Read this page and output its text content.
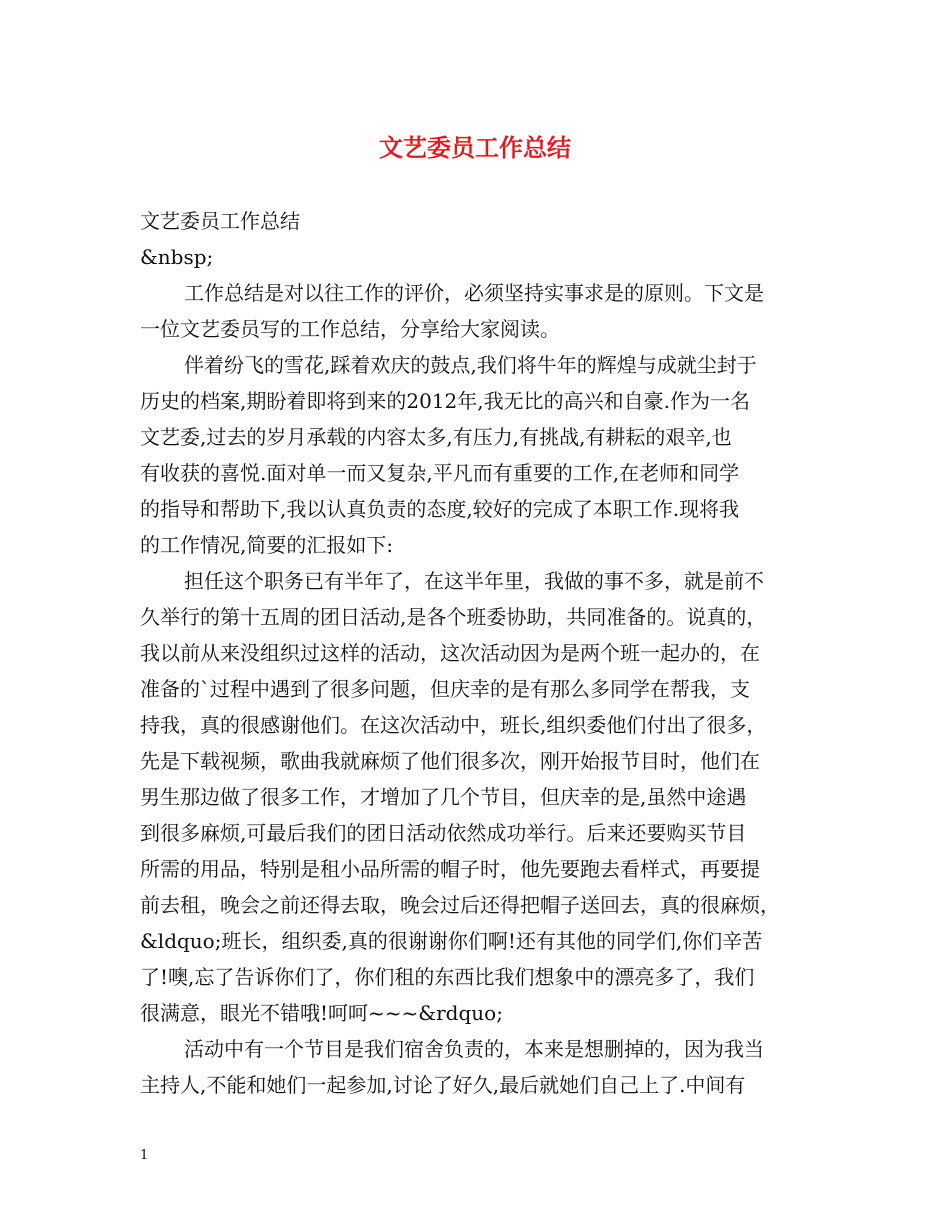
文艺委员工作总结

文艺委员工作总结

&nbsp;

工作总结是对以往工作的评价，必须坚持实事求是的原则。下文是

一位文艺委员写的工作总结，分享给大家阅读。

伴着纷飞的雪花,踩着欢庆的鼓点,我们将牛年的辉煌与成就尘封于

历史的档案,期盼着即将到来的2012年,我无比的高兴和自豪.作为一名

文艺委,过去的岁月承载的内容太多,有压力,有挑战,有耕耘的艰辛,也

有收获的喜悦.面对单一而又复杂,平凡而有重要的工作,在老师和同学

的指导和帮助下,我以认真负责的态度,较好的完成了本职工作.现将我

的工作情况,简要的汇报如下:

担任这个职务已有半年了，在这半年里，我做的事不多，就是前不

久举行的第十五周的团日活动,是各个班委协助，共同准备的。说真的，

我以前从来没组织过这样的活动，这次活动因为是两个班一起办的，在

准备的`过程中遇到了很多问题，但庆幸的是有那么多同学在帮我，支

持我，真的很感谢他们。在这次活动中，班长,组织委他们付出了很多，

先是下载视频，歌曲我就麻烦了他们很多次，刚开始报节目时，他们在

男生那边做了很多工作，才增加了几个节目，但庆幸的是,虽然中途遇

到很多麻烦,可最后我们的团日活动依然成功举行。后来还要购买节目

所需的用品，特别是租小品所需的帽子时，他先要跑去看样式，再要提

前去租，晚会之前还得去取，晚会过后还得把帽子送回去，真的很麻烦，

&ldquo;班长，组织委,真的很谢谢你们啊!还有其他的同学们,你们辛苦

了!噢,忘了告诉你们了，你们租的东西比我们想象中的漂亮多了，我们

很满意，眼光不错哦!呵呵~~~&rdquo;

活动中有一个节目是我们宿舍负责的，本来是想删掉的，因为我当

主持人,不能和她们一起参加,讨论了好久,最后就她们自己上了.中间有

1
